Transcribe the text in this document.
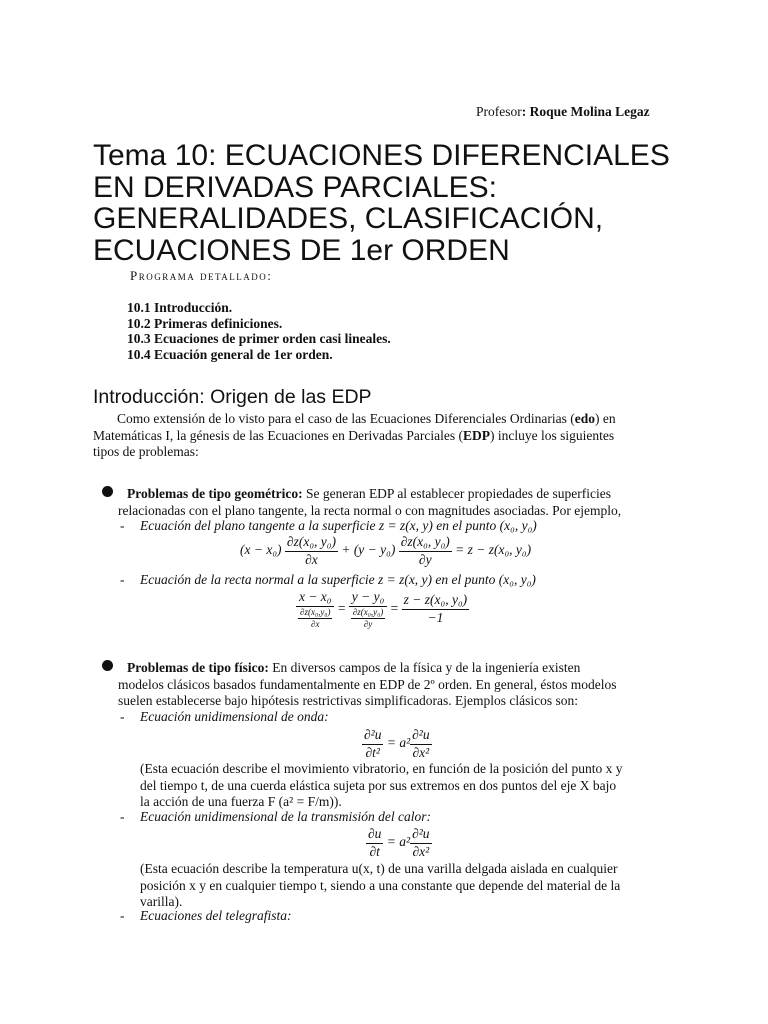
Profesor: Roque Molina Legaz
Tema 10: ECUACIONES DIFERENCIALES
EN DERIVADAS PARCIALES:
GENERALIDADES, CLASIFICACIÓN,
ECUACIONES DE 1er ORDEN
Programa detallado:
10.1 Introducción.
10.2 Primeras definiciones.
10.3 Ecuaciones de primer orden casi lineales.
10.4 Ecuación general de 1er orden.
Introducción: Origen de las EDP
Como extensión de lo visto para el caso de las Ecuaciones Diferenciales Ordinarias (edo) en
Matemáticas I, la génesis de las Ecuaciones en Derivadas Parciales (EDP) incluye los siguientes
tipos de problemas:
Problemas de tipo geométrico: Se generan EDP al establecer propiedades de superficies
relacionadas con el plano tangente, la recta normal o con magnitudes asociadas. Por ejemplo,
- Ecuación del plano tangente a la superficie z = z(x, y) en el punto (x₀, y₀)
$(x - x_0) \frac{\text{∂z(x₀, y₀)}}{\partial x} + (y - y_0) \frac{\text{∂z(x₀, y₀)}}{\partial y} = z - z(x_0$, y₀)
- Ecuación de la recta normal a la superficie z = z(x, y) en el punto (x₀, y₀)
$\frac{\text{x − x₀}}{\frac{\text{∂z(x₀,y₀)}}{\partial x}} = \frac{\text{y − y₀}}{\frac{\text{∂z(x₀,y₀)}}{\partial y}} = \frac{\text{z − z(x₀, y₀)}}{-1}$
Problemas de tipo físico: En diversos campos de la física y de la ingeniería existen
modelos clásicos basados fundamentalmente en EDP de 2º orden. En general, éstos modelos
suelen establecerse bajo hipótesis restrictivas simplificadoras. Ejemplos clásicos son:
- Ecuación unidimensional de onda:
$\frac{\text{∂²u}}{\text{∂t²}} = a^2 \frac{\text{∂²u}}{\text{∂x²}}$
(Esta ecuación describe el movimiento vibratorio, en función de la posición del punto x y
del tiempo t, de una cuerda elástica sujeta por sus extremos en dos puntos del eje X bajo
la acción de una fuerza F (a² = F/m)).
- Ecuación unidimensional de la transmisión del calor:
$\frac{\partial u}{\partial t} = a^2 \frac{\text{∂²u}}{\text{∂x²}}$
(Esta ecuación describe la temperatura u(x, t) de una varilla delgada aislada en cualquier
posición x y en cualquier tiempo t, siendo a una constante que depende del material de la
varilla).
- Ecuaciones del telegrafista:
